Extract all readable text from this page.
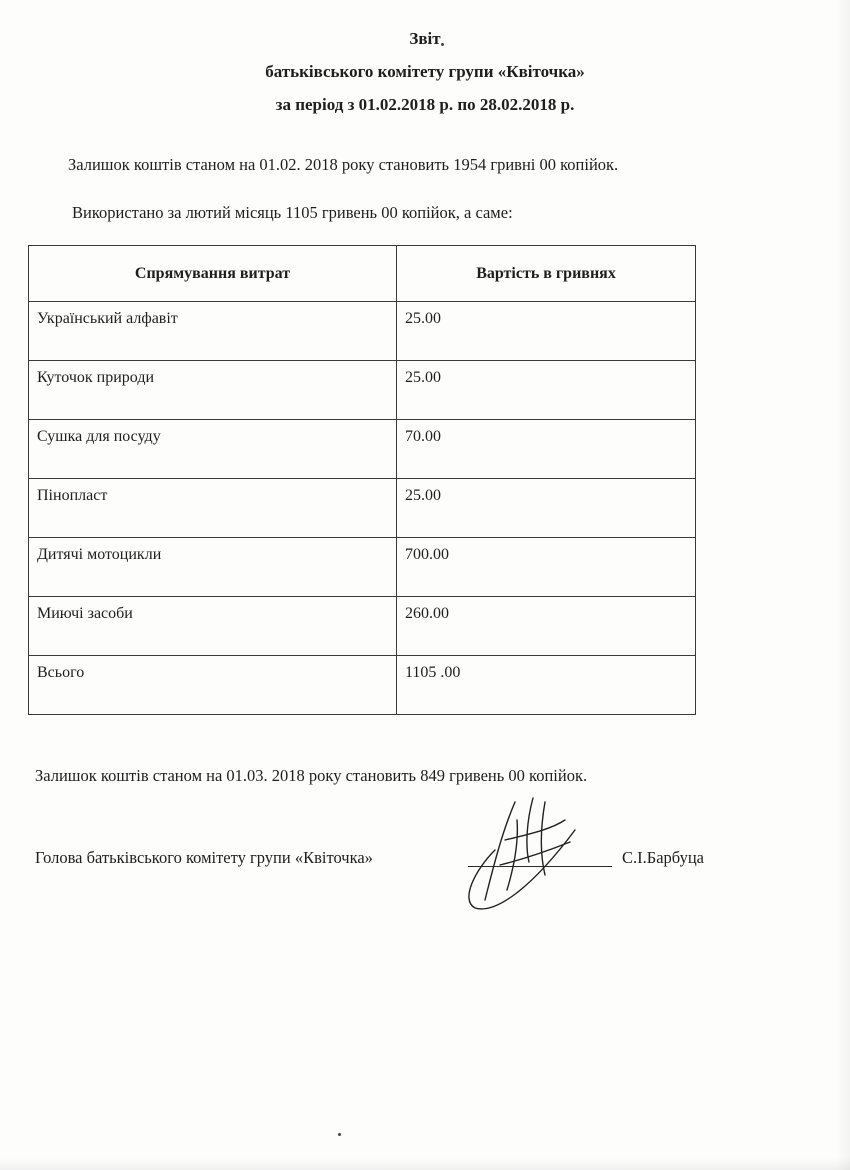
Звіт
батьківського комітету групи «Квіточка»
за період з 01.02.2018 р. по 28.02.2018 р.
Залишок коштів станом на 01.02. 2018 року становить 1954 гривні 00 копійок.
Використано за лютий місяць 1105 гривень 00 копійок, а саме:
Спрямування витрат	Вартість в гривнях
Український алфавіт	25.00
Куточок природи	25.00
Сушка для посуду	70.00
Пінопласт	25.00
Дитячі мотоцикли	700.00
Миючі засоби	260.00
Всього	1105 .00
Залишок коштів станом на 01.03. 2018 року становить 849 гривень 00 копійок.
Голова батьківського комітету групи «Квіточка»	С.І.Барбуца
